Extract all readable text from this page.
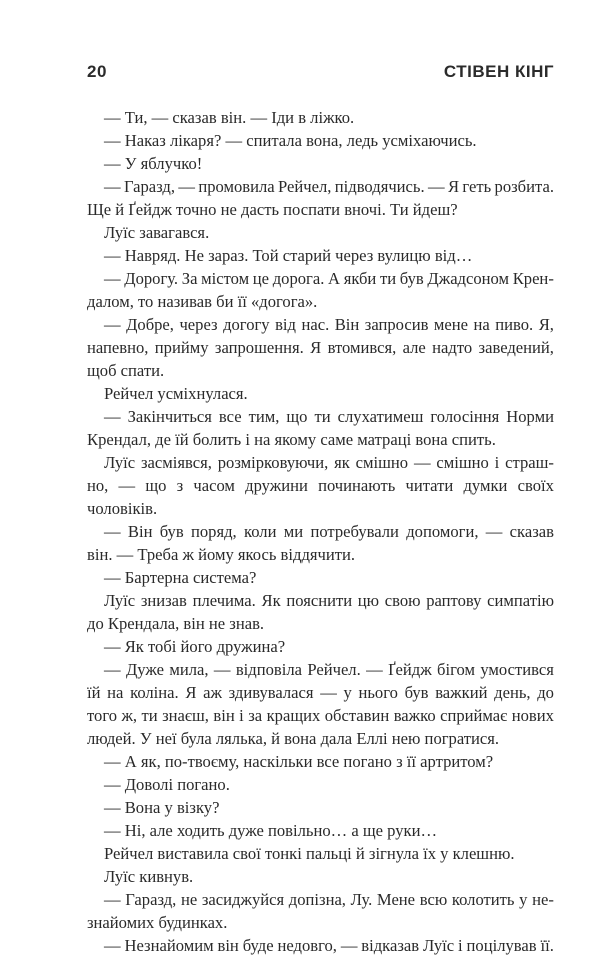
20	СТІВЕН КІНГ
— Ти, — сказав він. — Іди в ліжко.
— Наказ лікаря? — спитала вона, ледь усміхаючись.
— У яблучко!
— Гаразд, — промовила Рейчел, підводячись. — Я геть розбита.
Ще й Ґейдж точно не дасть поспати вночі. Ти йдеш?
Луїс завагався.
— Навряд. Не зараз. Той старий через вулицю від…
— Дорогу. За містом це дорога. А якби ти був Джадсоном Крен-
далом, то називав би її «догога».
— Добре, через догогу від нас. Він запросив мене на пиво. Я,
напевно, прийму запрошення. Я втомився, але надто заведений,
щоб спати.
Рейчел усміхнулася.
— Закінчиться все тим, що ти слухатимеш голосіння Норми
Крендал, де їй болить і на якому саме матраці вона спить.
Луїс засміявся, розмірковуючи, як смішно — смішно і страш-
но, — що з часом дружини починають читати думки своїх
чоловіків.
— Він був поряд, коли ми потребували допомоги, — сказав
він. — Треба ж йому якось віддячити.
— Бартерна система?
Луїс знизав плечима. Як пояснити цю свою раптову симпатію
до Крендала, він не знав.
— Як тобі його дружина?
— Дуже мила, — відповіла Рейчел. — Ґейдж бігом умостився
їй на коліна. Я аж здивувалася — у нього був важкий день, до
того ж, ти знаєш, він і за кращих обставин важко сприймає нових
людей. У неї була лялька, й вона дала Еллі нею погратися.
— А як, по-твоєму, наскільки все погано з її артритом?
— Доволі погано.
— Вона у візку?
— Ні, але ходить дуже повільно… а ще руки…
Рейчел виставила свої тонкі пальці й зігнула їх у клешню.
Луїс кивнув.
— Гаразд, не засиджуйся допізна, Лу. Мене всю колотить у не-
знайомих будинках.
— Незнайомим він буде недовго, — відказав Луїс і поцілував її.
